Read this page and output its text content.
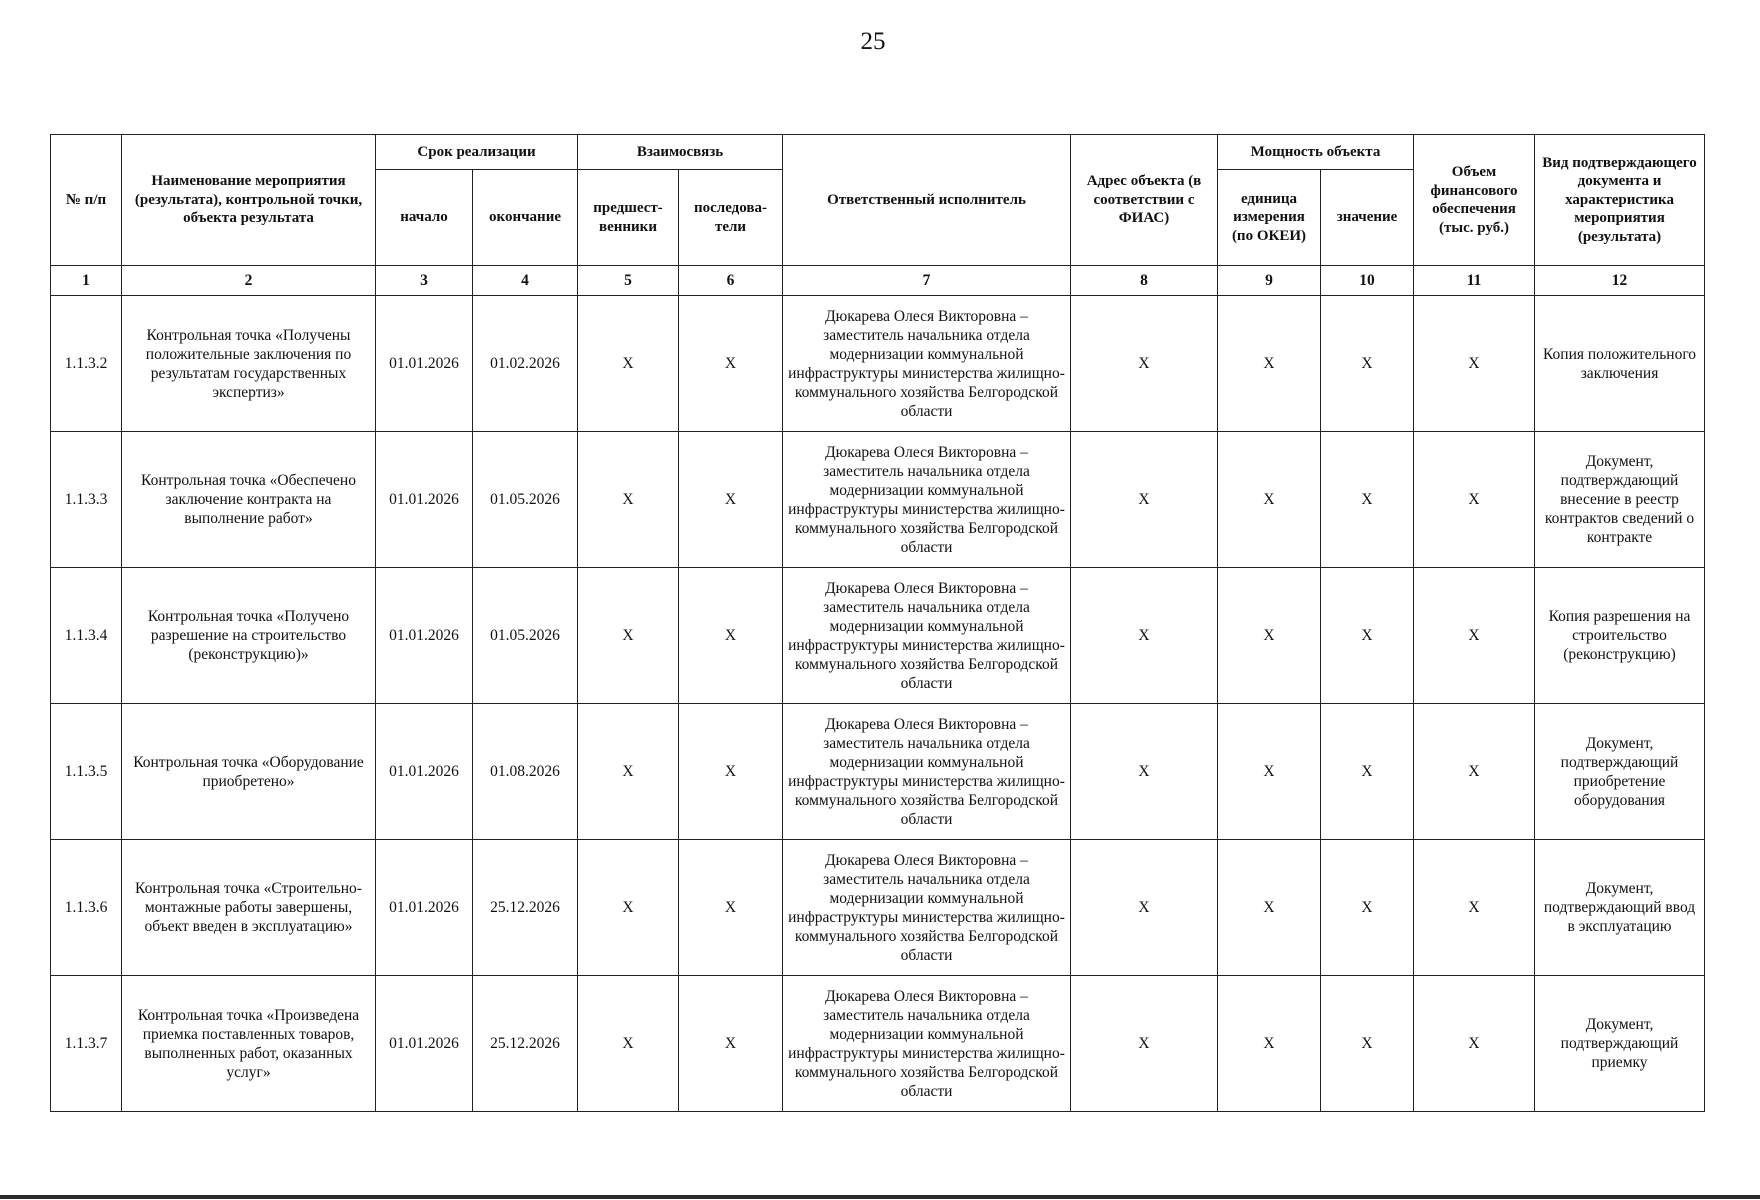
25
№ п/п	Наименование мероприятия (результата), контрольной точки, объекта результата	Срок реализации		Взаимосвязь		Ответственный исполнитель	Адрес объекта (в соответствии с ФИАС)	Мощность объекта		Объем финансового обеспечения (тыс. руб.)	Вид подтверждающего документа и характеристика мероприятия (результата)
		начало	окончание	предшест-венники	последова-тели			единица измерения (по ОКЕИ)	значение		
1	2	3	4	5	6	7	8	9	10	11	12
1.1.3.2	Контрольная точка «Получены положительные заключения по результатам государственных экспертиз»	01.01.2026	01.02.2026	X	X	Дюкарева Олеся Викторовна – заместитель начальника отдела модернизации коммунальной инфраструктуры министерства жилищно-коммунального хозяйства Белгородской области	X	X	X	X	Копия положительного заключения
1.1.3.3	Контрольная точка «Обеспечено заключение контракта на выполнение работ»	01.01.2026	01.05.2026	X	X	Дюкарева Олеся Викторовна – заместитель начальника отдела модернизации коммунальной инфраструктуры министерства жилищно-коммунального хозяйства Белгородской области	X	X	X	X	Документ, подтверждающий внесение в реестр контрактов сведений о контракте
1.1.3.4	Контрольная точка «Получено разрешение на строительство (реконструкцию)»	01.01.2026	01.05.2026	X	X	Дюкарева Олеся Викторовна – заместитель начальника отдела модернизации коммунальной инфраструктуры министерства жилищно-коммунального хозяйства Белгородской области	X	X	X	X	Копия разрешения на строительство (реконструкцию)
1.1.3.5	Контрольная точка «Оборудование приобретено»	01.01.2026	01.08.2026	X	X	Дюкарева Олеся Викторовна – заместитель начальника отдела модернизации коммунальной инфраструктуры министерства жилищно-коммунального хозяйства Белгородской области	X	X	X	X	Документ, подтверждающий приобретение оборудования
1.1.3.6	Контрольная точка «Строительно-монтажные работы завершены, объект введен в эксплуатацию»	01.01.2026	25.12.2026	X	X	Дюкарева Олеся Викторовна – заместитель начальника отдела модернизации коммунальной инфраструктуры министерства жилищно-коммунального хозяйства Белгородской области	X	X	X	X	Документ, подтверждающий ввод в эксплуатацию
1.1.3.7	Контрольная точка «Произведена приемка поставленных товаров, выполненных работ, оказанных услуг»	01.01.2026	25.12.2026	X	X	Дюкарева Олеся Викторовна – заместитель начальника отдела модернизации коммунальной инфраструктуры министерства жилищно-коммунального хозяйства Белгородской области	X	X	X	X	Документ, подтверждающий приемку
